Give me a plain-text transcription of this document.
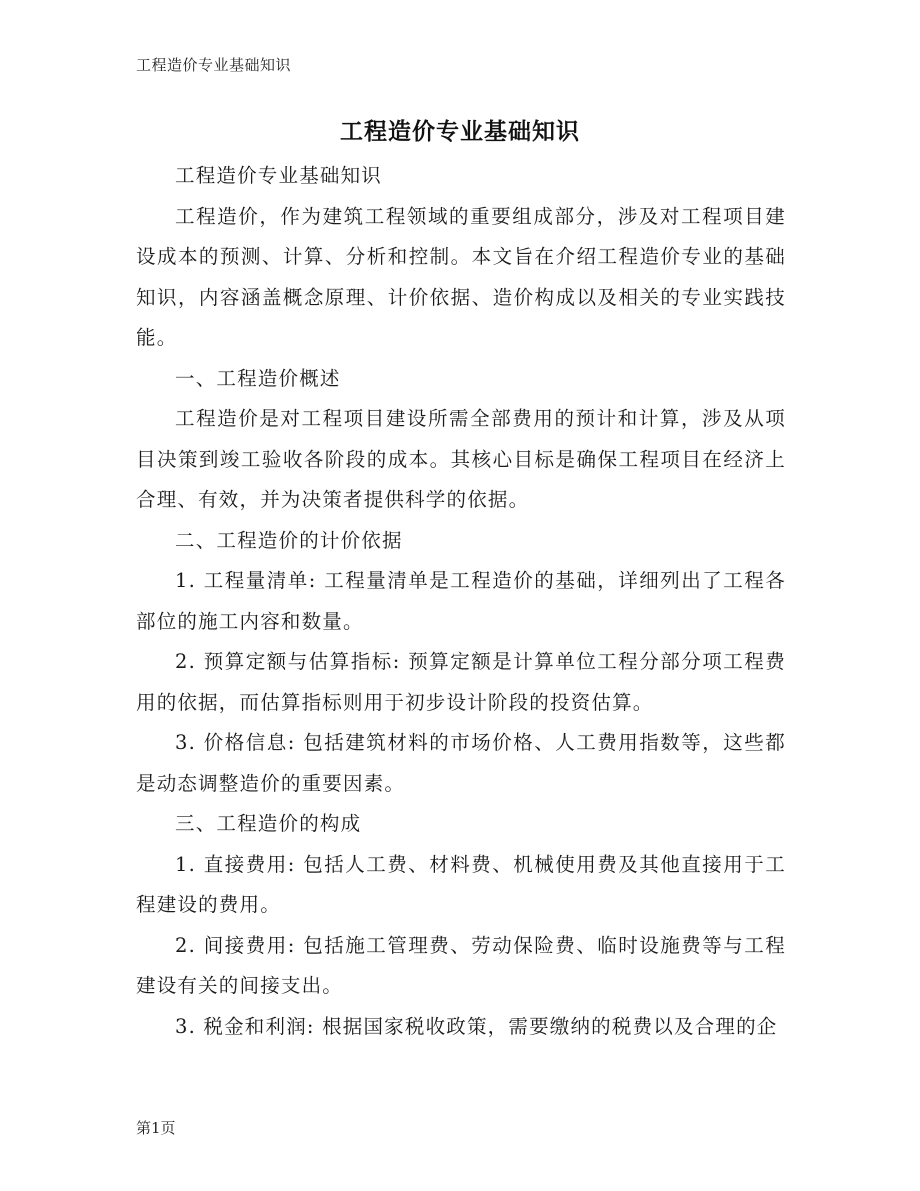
工程造价专业基础知识
工程造价专业基础知识

工程造价专业基础知识

工程造价，作为建筑工程领域的重要组成部分，涉及对工程项目建设成本的预测、计算、分析和控制。本文旨在介绍工程造价专业的基础知识，内容涵盖概念原理、计价依据、造价构成以及相关的专业实践技能。

一、工程造价概述

工程造价是对工程项目建设所需全部费用的预计和计算，涉及从项目决策到竣工验收各阶段的成本。其核心目标是确保工程项目在经济上合理、有效，并为决策者提供科学的依据。

二、工程造价的计价依据

1. 工程量清单: 工程量清单是工程造价的基础，详细列出了工程各部位的施工内容和数量。

2. 预算定额与估算指标: 预算定额是计算单位工程分部分项工程费用的依据，而估算指标则用于初步设计阶段的投资估算。

3. 价格信息: 包括建筑材料的市场价格、人工费用指数等，这些都是动态调整造价的重要因素。

三、工程造价的构成

1. 直接费用: 包括人工费、材料费、机械使用费及其他直接用于工程建设的费用。

2. 间接费用: 包括施工管理费、劳动保险费、临时设施费等与工程建设有关的间接支出。

3. 税金和利润: 根据国家税收政策，需要缴纳的税费以及合理的企

第1页
